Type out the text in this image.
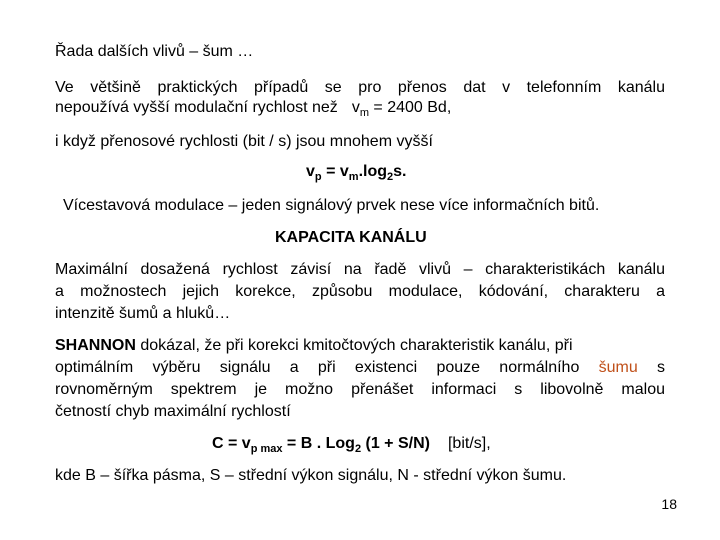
Řada dalších vlivů – šum …
Ve většině praktických případů se pro přenos dat v telefonním kanálu
nepoužívá vyšší modulační rychlost než $v_m = 2400$ Bd,
i když přenosové rychlosti (bit / s) jsou mnohem vyšší
$v_p = v_m.\log_2s$.
Vícestavová modulace – jeden signálový prvek nese více informačních bitů.
KAPACITA KANÁLU
Maximální dosažená rychlost závisí na řadě vlivů – charakteristikách kanálu
a možnostech jejich korekce, způsobu modulace, kódování, charakteru a
intenzitě šumů a hluků…
SHANNON dokázal, že při korekci kmitočtových charakteristik kanálu, při
optimálním výběru signálu a při existenci pouze normálního šumu s
rovnoměrným spektrem je možno přenášet informaci s libovolně malou
četností chyb maximální rychlostí
$C = v_{p max} = B$ . Log$_2$ (1 + S/N) [bit/s],
kde B – šířka pásma, S – střední výkon signálu, N - střední výkon šumu.
18
